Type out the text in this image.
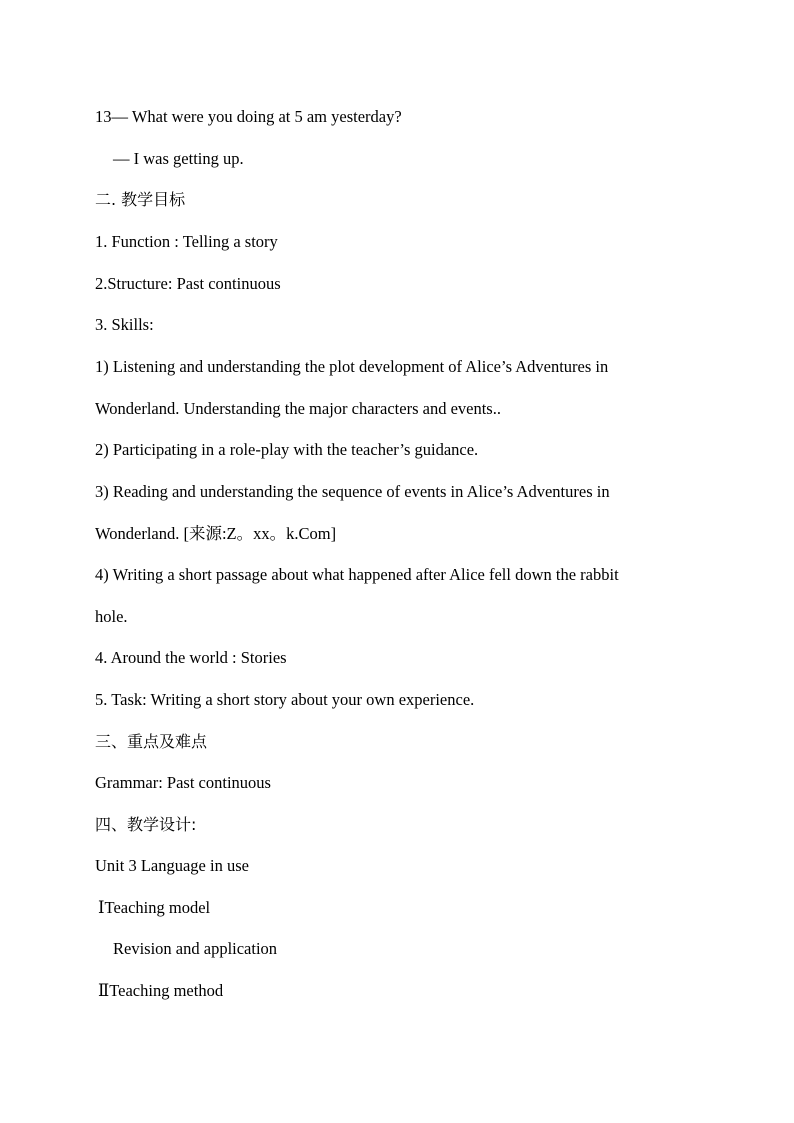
13— What were you doing at 5 am yesterday?
— I was getting up.
二. 教学目标
1. Function : Telling a story
2.Structure: Past continuous
3. Skills:
1) Listening and understanding the plot development of Alice’s Adventures in
Wonderland. Understanding the major characters and events..
2) Participating in a role-play with the teacher’s guidance.
3) Reading and understanding the sequence of events in Alice’s Adventures in
Wonderland. [来源:Z。xx。k.Com]
4) Writing a short passage about what happened after Alice fell down the rabbit
hole.
4. Around the world : Stories
5. Task: Writing a short story about your own experience.
三、重点及难点
Grammar: Past continuous
四、教学设计:
Unit 3 Language in use
ⅠTeaching model
Revision and application
ⅡTeaching method
